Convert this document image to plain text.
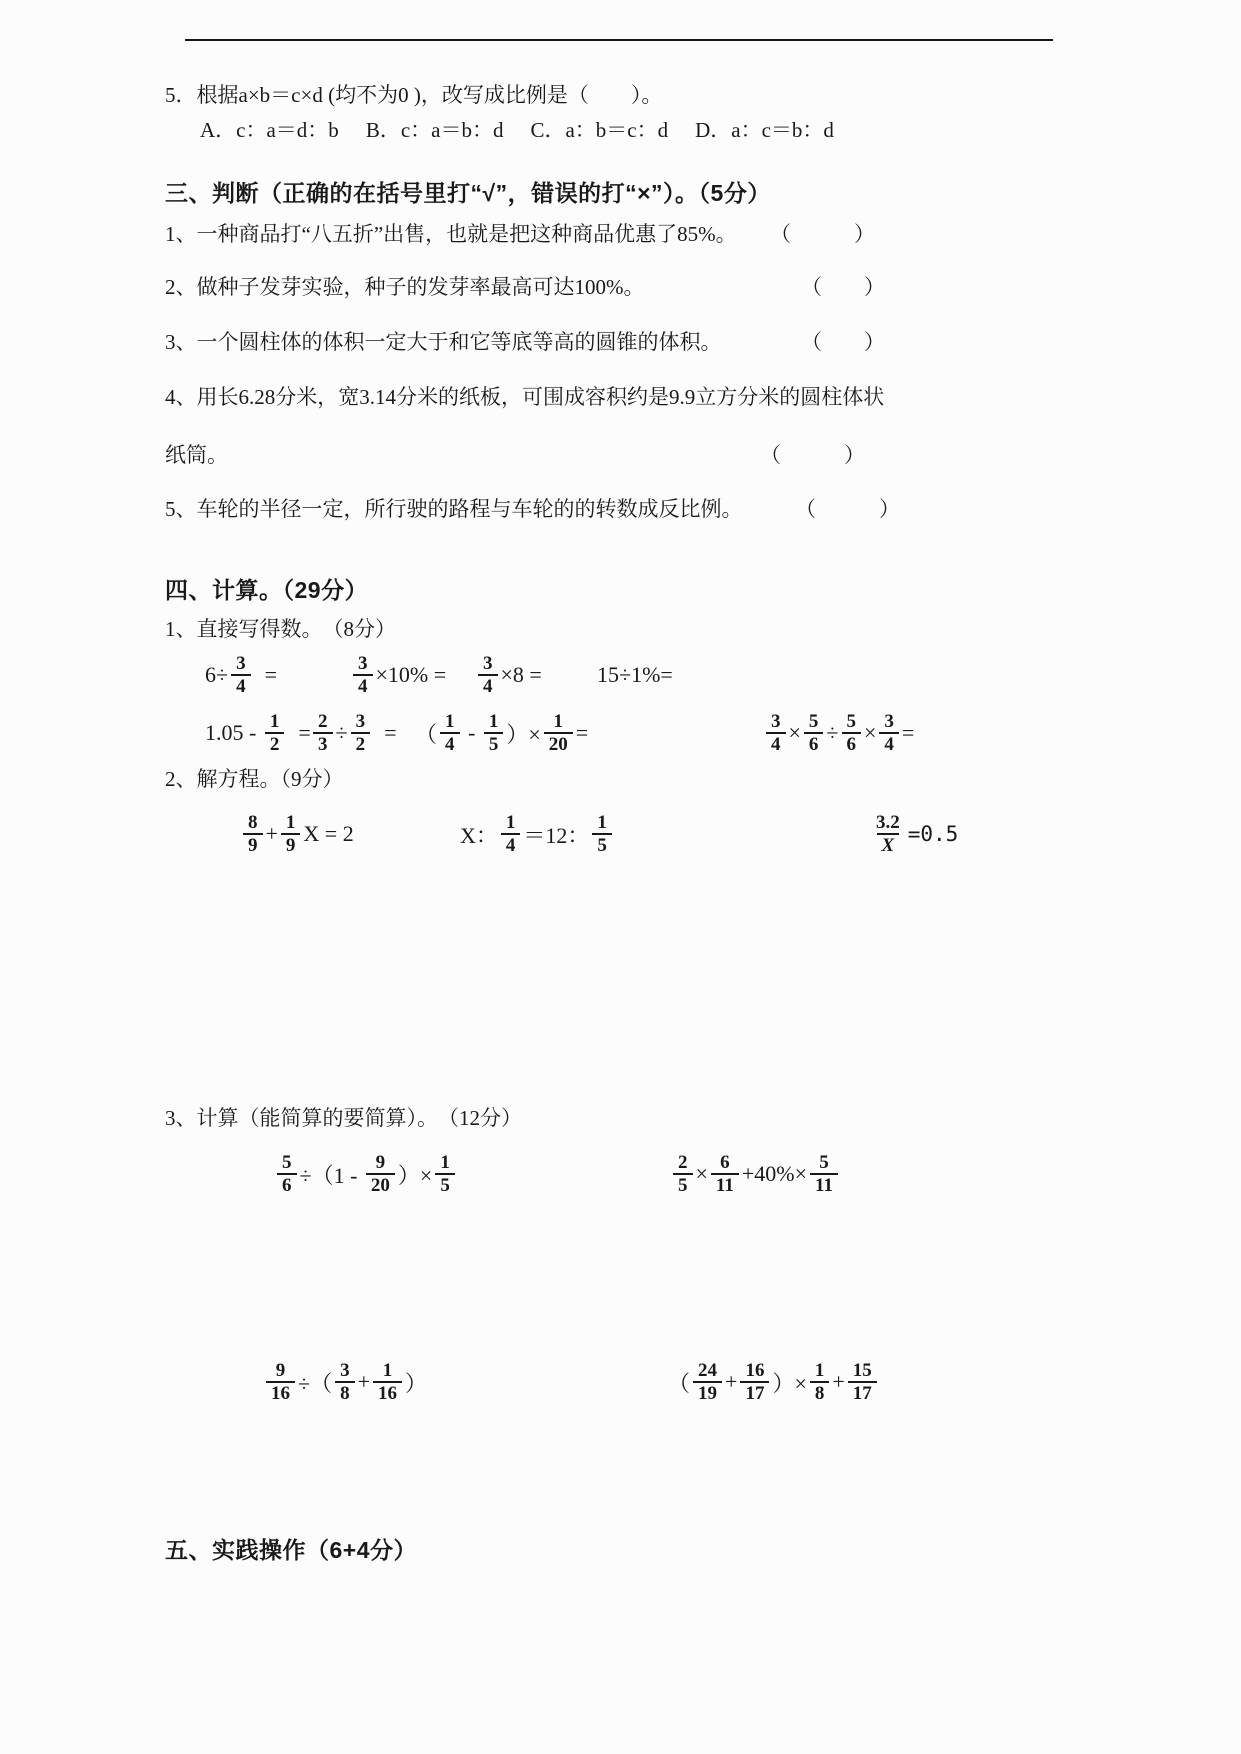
5．根据a×b＝c×d (均不为0 )，改写成比例是（　　）。
A．c：a＝d：b B．c：a＝b：d C．a：b＝c：d D．a：c＝b：d
三、判断（正确的在括号里打“√”，错误的打“×”）。（5分）
1、一种商品打“八五折”出售，也就是把这种商品优惠了85%。 （　　　）
2、做种子发芽实验，种子的发芽率最高可达100%。	（　　）
3、一个圆柱体的体积一定大于和它等底等高的圆锥的体积。	（　　）
4、用长6.28分米，宽3.14分米的纸板，可围成容积约是9.9立方分米的圆柱体状
纸筒。	（　　　）
5、车轮的半径一定，所行驶的路程与车轮的的转数成反比例。	（　　　）
四、计算。（29分）
1、直接写得数。　（8分）
$6\div \frac{3}{4}$ =	$\frac{3}{4} \times 10\% = \frac{3}{4} \times 8$ =	15÷1%=
$1.05 - \frac{1}{2} = \frac{2}{3} \div \frac{3}{2}$ = （ $\frac{1}{4} - \frac{1}{5}$ ）× $\frac{1}{20}$ =	$\frac{3}{4} \times \frac{5}{6} \div \frac{5}{6} \times \frac{3}{4}$ =
2、解方程。（9分）
$\frac{8}{9} + \frac{1}{9}$ X = 2	X： $\frac{1}{4} =12$： $\frac{1}{5}$	$\frac{3.2}{X} =0.5$
3、计算（能简算的要简算）。　（12分）
$\frac{5}{6} \div(1 - \frac{9}{20}$ ）× $\frac{1}{5}$	$\frac{2}{5} \times \frac{6}{11} +40\%\times \frac{5}{11}$
$\frac{9}{16}$ ÷（ $\frac{3}{8} + \frac{1}{16}$ ）	（ $\frac{24}{19} + \frac{16}{17}$ ）× $\frac{1}{8} + \frac{15}{17}$
五、实践操作（6+4分）
